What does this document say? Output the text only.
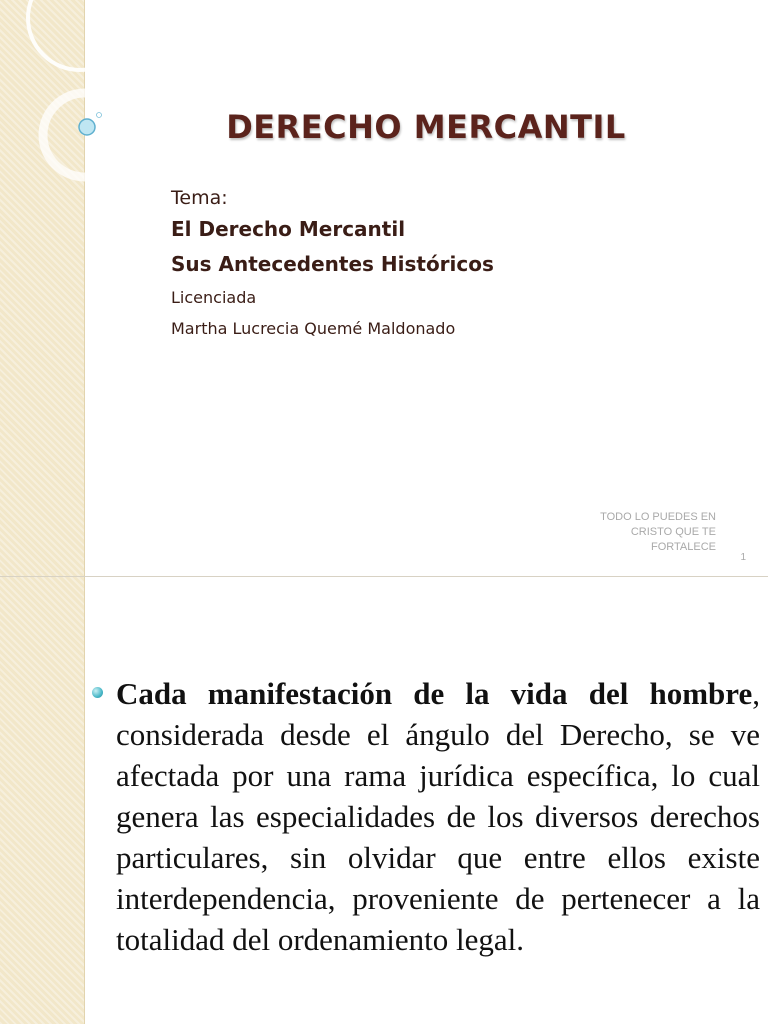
DERECHO MERCANTIL
Tema:
El Derecho Mercantil
Sus Antecedentes Históricos
Licenciada
Martha Lucrecia Quemé Maldonado
TODO LO PUEDES EN
CRISTO QUE TE
FORTALECE
1

Cada manifestación de la vida del hombre, considerada desde el ángulo del Derecho, se ve afectada por una rama jurídica específica, lo cual genera las especialidades de los diversos derechos particulares, sin olvidar que entre ellos existe interdependencia, proveniente de pertenecer a la totalidad del ordenamiento legal.
